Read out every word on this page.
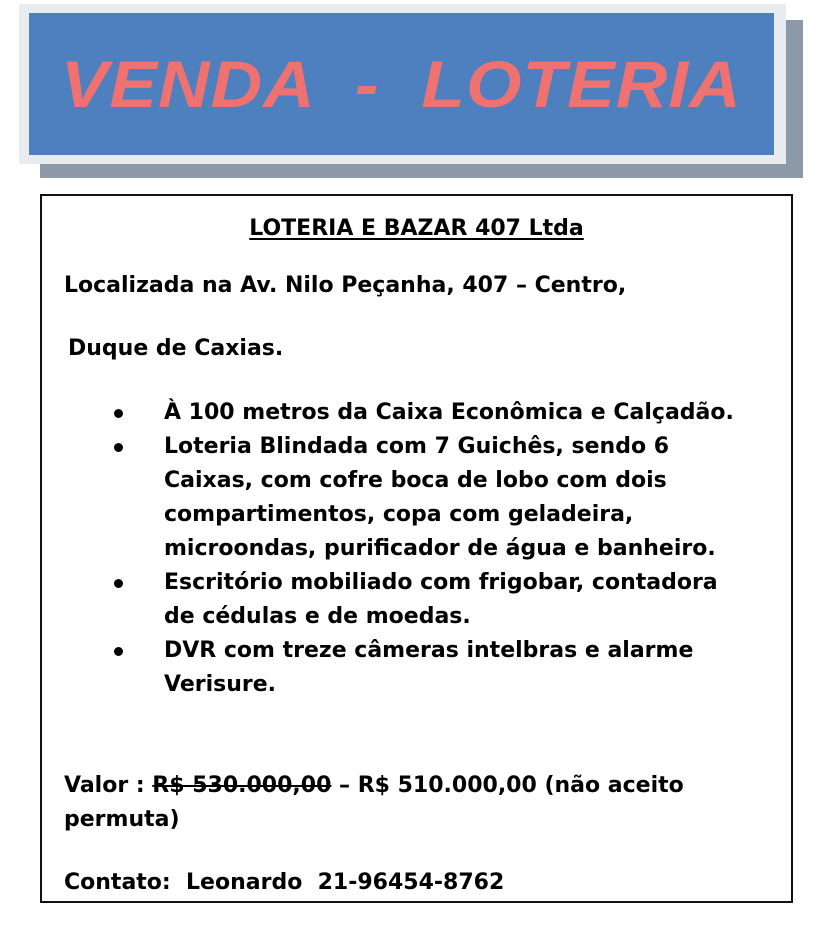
VENDA  -  LOTERIA
LOTERIA E BAZAR 407 Ltda
Localizada na Av. Nilo Peçanha, 407 – Centro,
Duque de Caxias.
À 100 metros da Caixa Econômica e Calçadão.
Loteria Blindada com 7 Guichês, sendo 6 Caixas, com cofre boca de lobo com dois compartimentos, copa com geladeira, microondas, purificador de água e banheiro.
Escritório mobiliado com frigobar, contadora de cédulas e de moedas.
DVR com treze câmeras intelbras e alarme Verisure.
Valor : R$ 530.000,00 – R$ 510.000,00 (não aceito permuta)
Contato:  Leonardo  21-96454-8762
